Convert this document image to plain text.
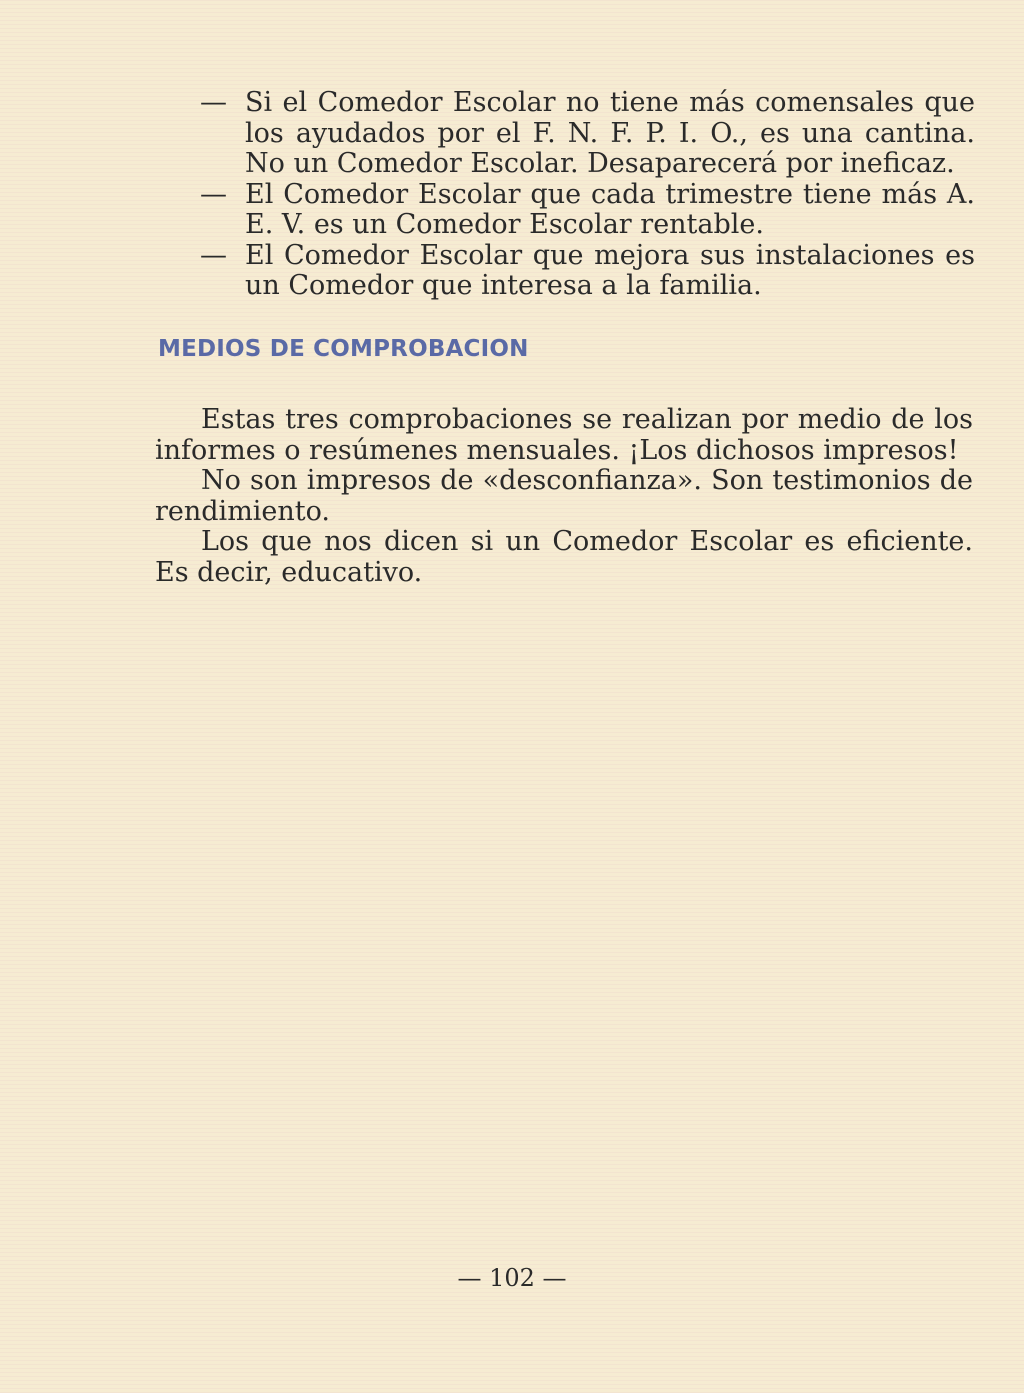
— Si el Comedor Escolar no tiene más comensales que los ayudados por el F. N. F. P. I. O., es una cantina. No un Comedor Escolar. Desaparecerá por ineficaz.
— El Comedor Escolar que cada trimestre tiene más A. E. V. es un Comedor Escolar rentable.
— El Comedor Escolar que mejora sus instalaciones es un Comedor que interesa a la familia.
MEDIOS DE COMPROBACION

Estas tres comprobaciones se realizan por medio de los informes o resúmenes mensuales. ¡Los dichosos impresos!

No son impresos de «desconfianza». Son testimonios de rendimiento.

Los que nos dicen si un Comedor Escolar es eficiente. Es decir, educativo.

— 102 —
